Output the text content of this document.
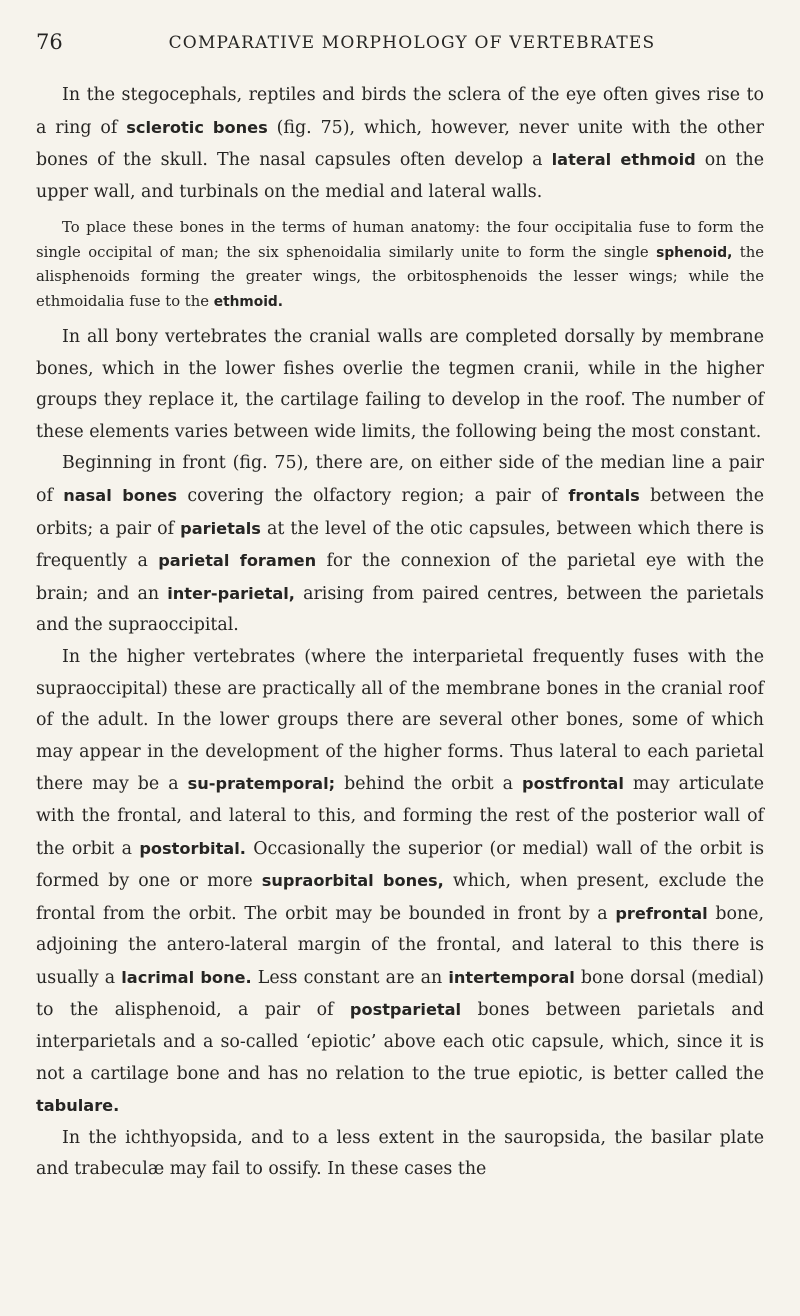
76	COMPARATIVE MORPHOLOGY OF VERTEBRATES

In the stegocephals, reptiles and birds the sclera of the eye often gives rise to a ring of sclerotic bones (fig. 75), which, however, never unite with the other bones of the skull. The nasal capsules often develop a lateral ethmoid on the upper wall, and turbinals on the medial and lateral walls.

To place these bones in the terms of human anatomy: the four occipitalia fuse to form the single occipital of man; the six sphenoidalia similarly unite to form the single sphenoid, the alisphenoids forming the greater wings, the orbitosphenoids the lesser wings; while the ethmoidalia fuse to the ethmoid.

In all bony vertebrates the cranial walls are completed dorsally by membrane bones, which in the lower fishes overlie the tegmen cranii, while in the higher groups they replace it, the cartilage failing to develop in the roof. The number of these elements varies between wide limits, the following being the most constant.

Beginning in front (fig. 75), there are, on either side of the median line a pair of nasal bones covering the olfactory region; a pair of frontals between the orbits; a pair of parietals at the level of the otic capsules, between which there is frequently a parietal foramen for the connexion of the parietal eye with the brain; and an inter-parietal, arising from paired centres, between the parietals and the supraoccipital.

In the higher vertebrates (where the interparietal frequently fuses with the supraoccipital) these are practically all of the membrane bones in the cranial roof of the adult. In the lower groups there are several other bones, some of which may appear in the development of the higher forms. Thus lateral to each parietal there may be a su-pratemporal; behind the orbit a postfrontal may articulate with the frontal, and lateral to this, and forming the rest of the posterior wall of the orbit a postorbital. Occasionally the superior (or medial) wall of the orbit is formed by one or more supraorbital bones, which, when present, exclude the frontal from the orbit. The orbit may be bounded in front by a prefrontal bone, adjoining the antero-lateral margin of the frontal, and lateral to this there is usually a lacrimal bone. Less constant are an intertemporal bone dorsal (medial) to the alisphenoid, a pair of postparietal bones between parietals and interparietals and a so-called ‘epiotic’ above each otic capsule, which, since it is not a cartilage bone and has no relation to the true epiotic, is better called the tabulare.

In the ichthyopsida, and to a less extent in the sauropsida, the basilar plate and trabeculæ may fail to ossify. In these cases the
